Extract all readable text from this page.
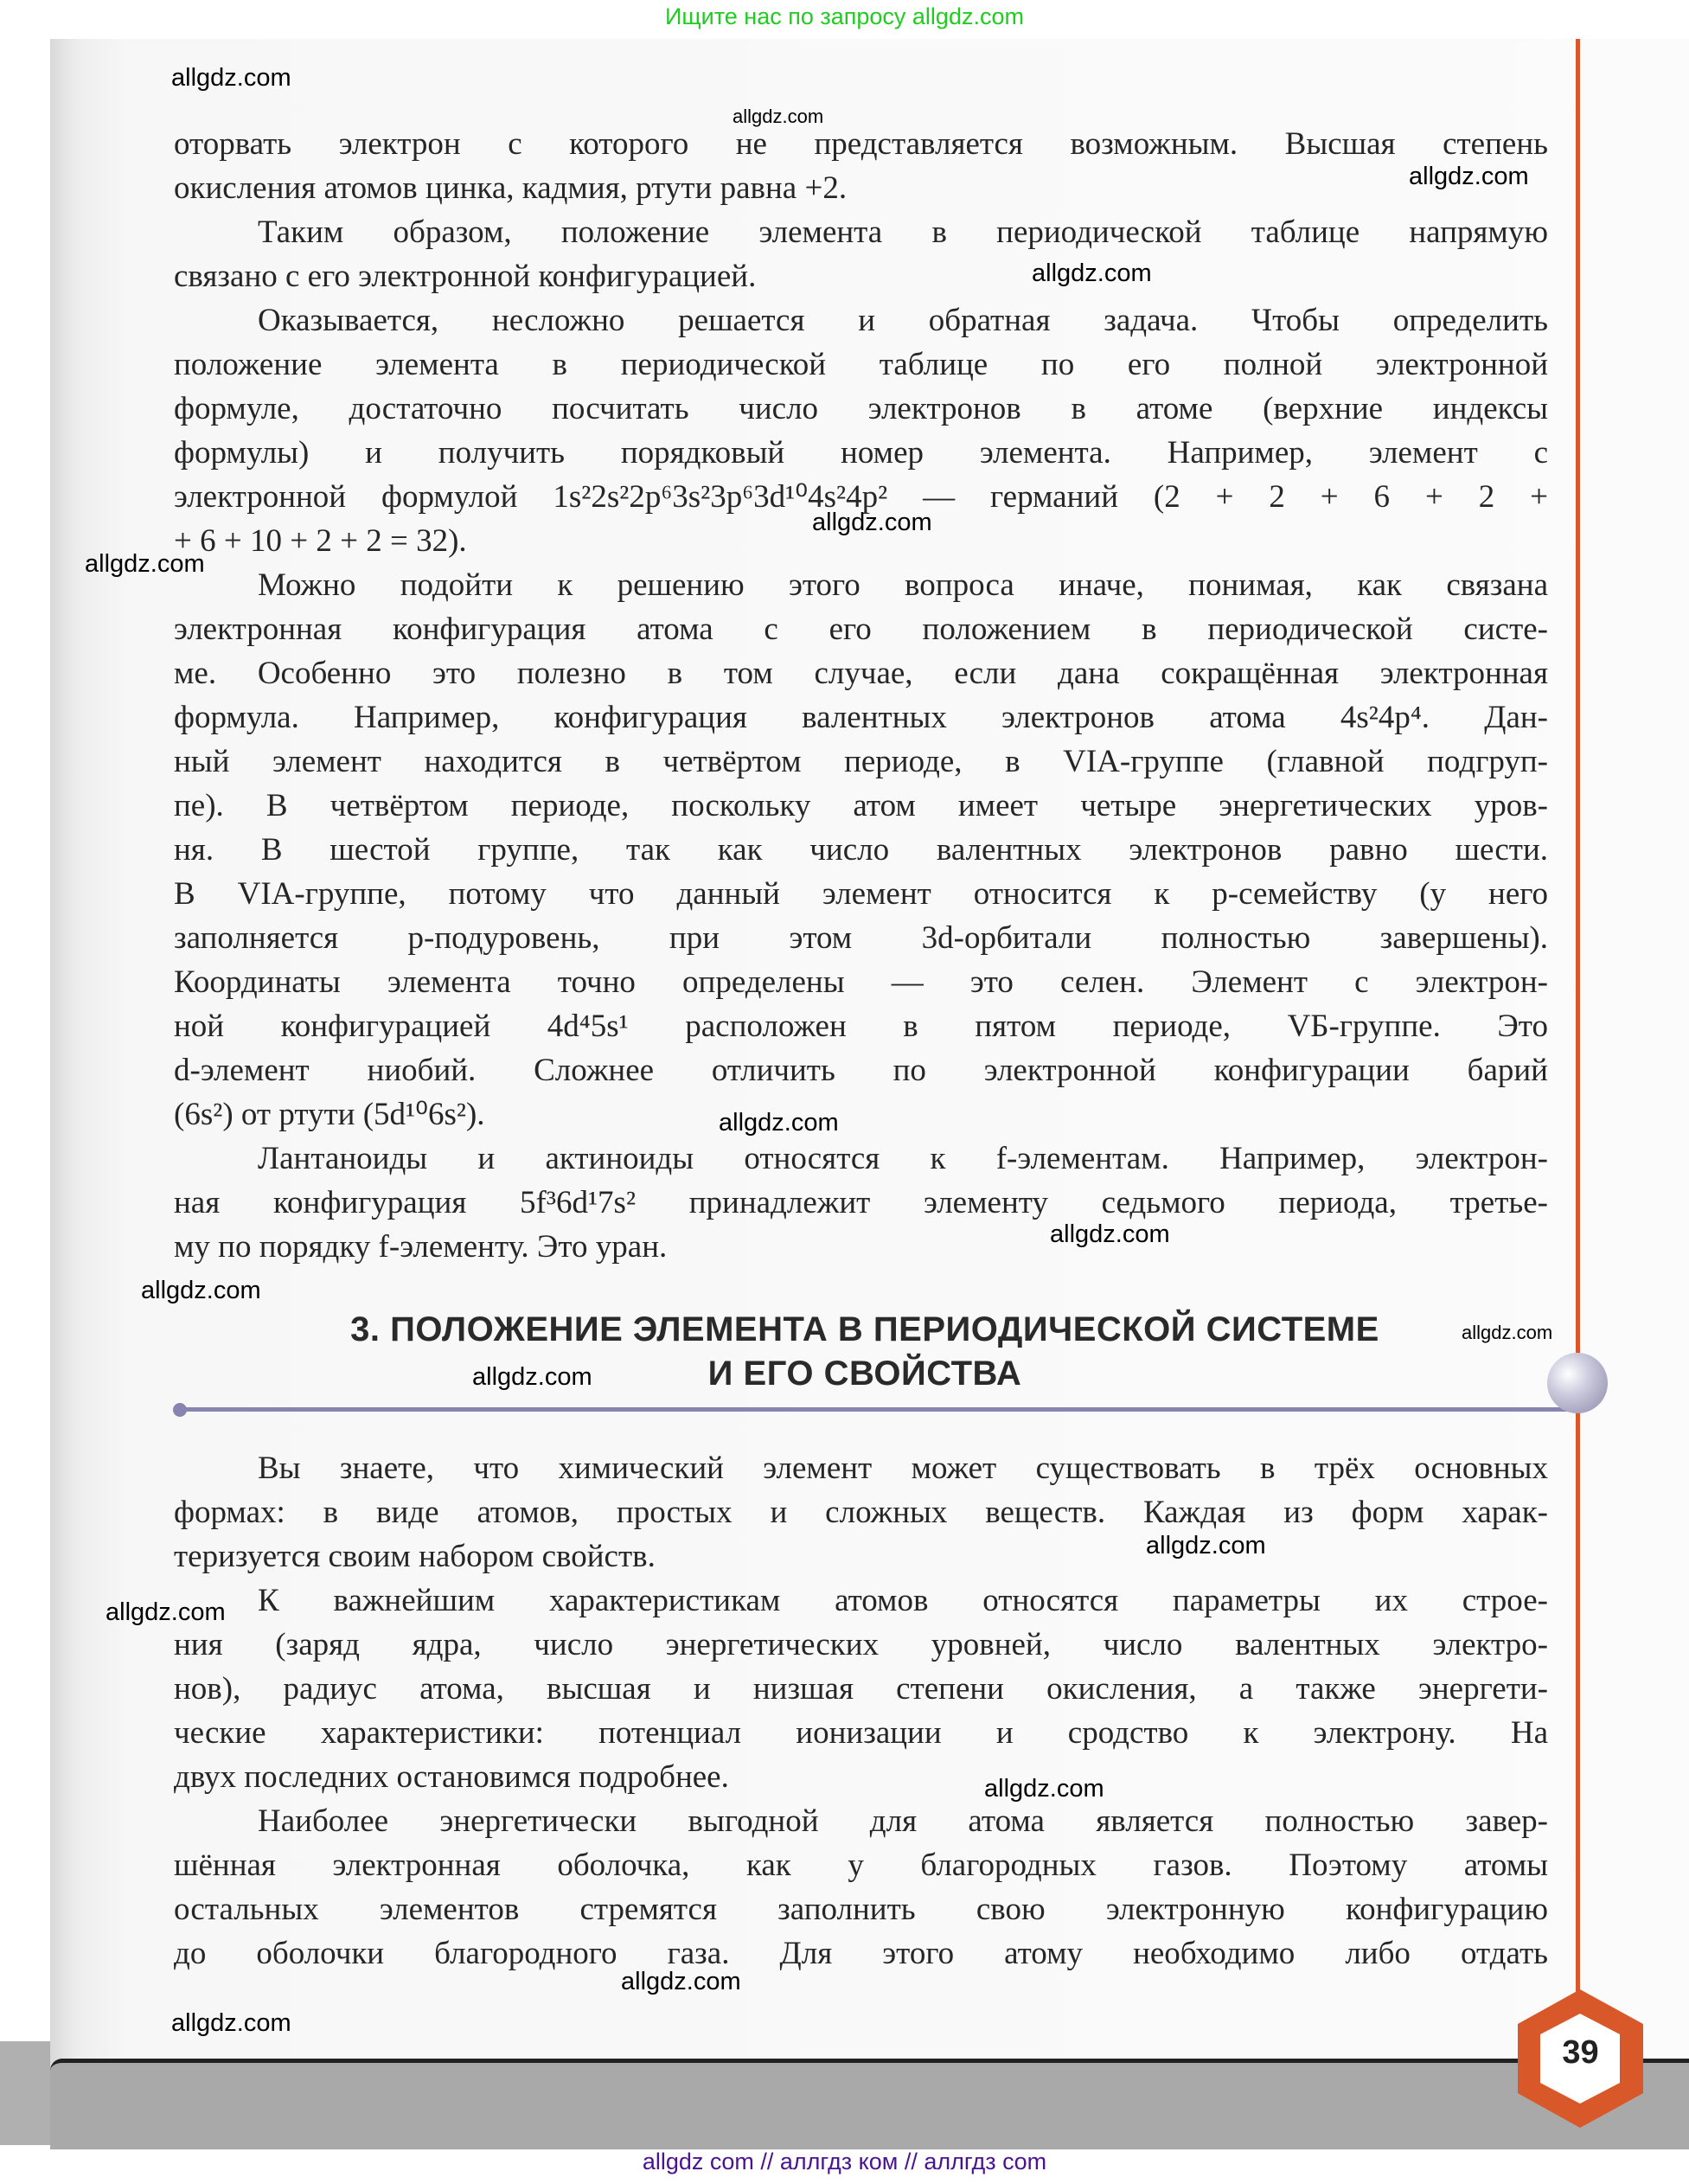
Ищите нас по запросу allgdz.com
оторвать электрон с которого не представляется возможным. Высшая степень
окисления атомов цинка, кадмия, ртути равна +2.
Таким образом, положение элемента в периодической таблице напрямую
связано с его электронной конфигурацией.
Оказывается, несложно решается и обратная задача. Чтобы определить
положение элемента в периодической таблице по его полной электронной
формуле, достаточно посчитать число электронов в атоме (верхние индексы
формулы) и получить порядковый номер элемента. Например, элемент с
электронной формулой 1s²2s²2p⁶3s²3p⁶3d¹⁰4s²4p² — германий (2 + 2 + 6 + 2 +
+ 6 + 10 + 2 + 2 = 32).
Можно подойти к решению этого вопроса иначе, понимая, как связана
электронная конфигурация атома с его положением в периодической систе-
ме. Особенно это полезно в том случае, если дана сокращённая электронная
формула. Например, конфигурация валентных электронов атома 4s²4p⁴. Дан-
ный элемент находится в четвёртом периоде, в VIA-группе (главной подгруп-
пе). В четвёртом периоде, поскольку атом имеет четыре энергетических уров-
ня. В шестой группе, так как число валентных электронов равно шести.
В VIA-группе, потому что данный элемент относится к p-семейству (у него
заполняется p-подуровень, при этом 3d-орбитали полностью завершены).
Координаты элемента точно определены — это селен. Элемент с электрон-
ной конфигурацией 4d⁴5s¹ расположен в пятом периоде, VБ-группе. Это
d-элемент ниобий. Сложнее отличить по электронной конфигурации барий
(6s²) от ртути (5d¹⁰6s²).
Лантаноиды и актиноиды относятся к f-элементам. Например, электрон-
ная конфигурация 5f³6d¹7s² принадлежит элементу седьмого периода, третье-
му по порядку f-элементу. Это уран.
3. ПОЛОЖЕНИЕ ЭЛЕМЕНТА В ПЕРИОДИЧЕСКОЙ СИСТЕМЕ
И ЕГО СВОЙСТВА
Вы знаете, что химический элемент может существовать в трёх основных
формах: в виде атомов, простых и сложных веществ. Каждая из форм харак-
теризуется своим набором свойств.
К важнейшим характеристикам атомов относятся параметры их строе-
ния (заряд ядра, число энергетических уровней, число валентных электро-
нов), радиус атома, высшая и низшая степени окисления, а также энергети-
ческие характеристики: потенциал ионизации и сродство к электрону. На
двух последних остановимся подробнее.
Наиболее энергетически выгодной для атома является полностью завер-
шённая электронная оболочка, как у благородных газов. Поэтому атомы
остальных элементов стремятся заполнить свою электронную конфигурацию
до оболочки благородного газа. Для этого атому необходимо либо отдать
39
allgdz.com
allgdz.com
allgdz.com
allgdz.com
allgdz.com
allgdz.com
allgdz.com
allgdz.com
allgdz.com
allgdz.com
allgdz.com
allgdz.com
allgdz.com
allgdz.com
allgdz.com
allgdz.com
allgdz com // аллгдз ком // аллгдз com
